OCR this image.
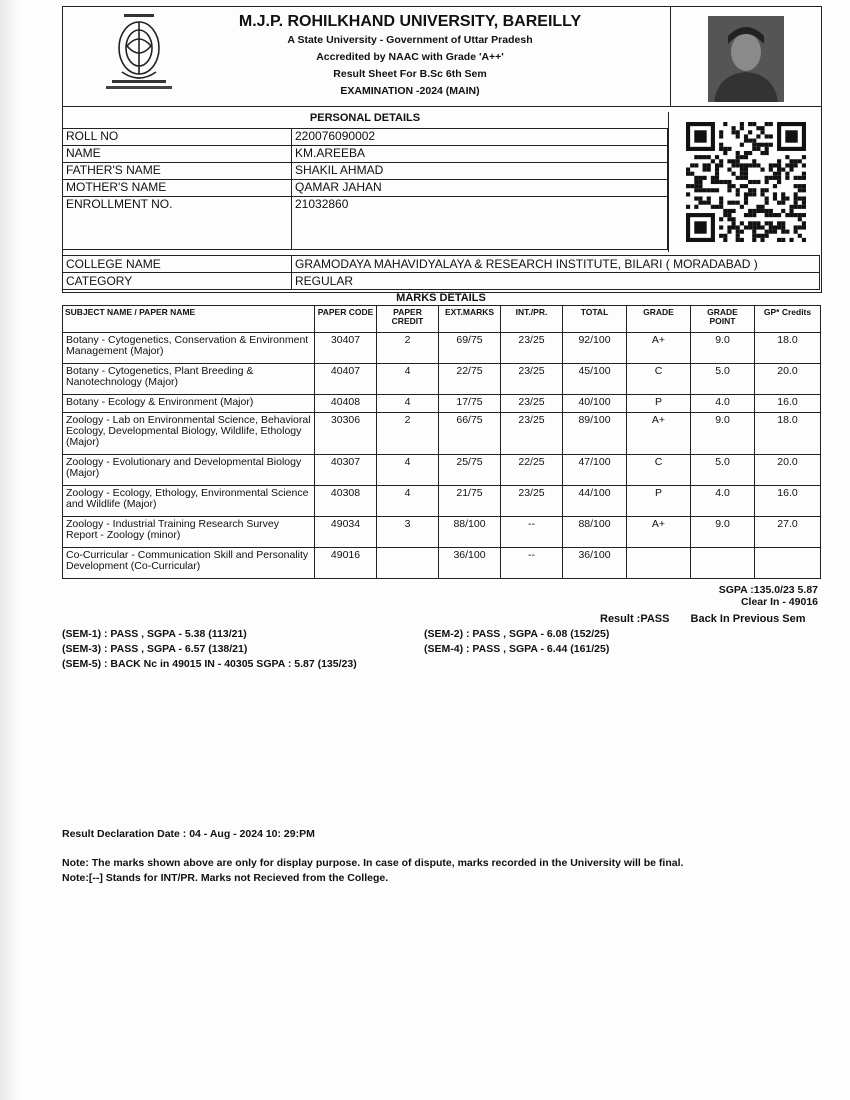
M.J.P. ROHILKHAND UNIVERSITY, BAREILLY
A State University - Government of Uttar Pradesh
Accredited by NAAC with Grade 'A++'
Result Sheet For B.Sc 6th Sem
EXAMINATION -2024 (MAIN)
PERSONAL DETAILS
ROLL NO	220076090002
NAME	KM.AREEBA
FATHER'S NAME	SHAKIL AHMAD
MOTHER'S NAME	QAMAR JAHAN
ENROLLMENT NO.	21032860
COLLEGE NAME	GRAMODAYA MAHAVIDYALAYA & RESEARCH INSTITUTE, BILARI ( MORADABAD )
CATEGORY	REGULAR
MARKS DETAILS
SUBJECT NAME / PAPER NAME	PAPER CODE	PAPER CREDIT	EXT.MARKS	INT./PR.	TOTAL	GRADE	GRADE POINT	GP* Credits
Botany - Cytogenetics, Conservation & Environment Management (Major)	30407	2	69/75	23/25	92/100	A+	9.0	18.0
Botany - Cytogenetics, Plant Breeding & Nanotechnology (Major)	40407	4	22/75	23/25	45/100	C	5.0	20.0
Botany - Ecology & Environment (Major)	40408	4	17/75	23/25	40/100	P	4.0	16.0
Zoology - Lab on Environmental Science, Behavioral Ecology, Developmental Biology, Wildlife, Ethology (Major)	30306	2	66/75	23/25	89/100	A+	9.0	18.0
Zoology - Evolutionary and Developmental Biology (Major)	40307	4	25/75	22/25	47/100	C	5.0	20.0
Zoology - Ecology, Ethology, Environmental Science and Wildlife (Major)	40308	4	21/75	23/25	44/100	P	4.0	16.0
Zoology - Industrial Training Research Survey Report - Zoology (minor)	49034	3	88/100	--	88/100	A+	9.0	27.0
Co-Curricular - Communication Skill and Personality Development (Co-Curricular)	49016		36/100	--	36/100			
SGPA :135.0/23 5.87
Clear In - 49016
Result :PASS Back In Previous Sem
(SEM-1) : PASS , SGPA - 5.38 (113/21)	(SEM-2) : PASS , SGPA - 6.08 (152/25)
(SEM-3) : PASS , SGPA - 6.57 (138/21)	(SEM-4) : PASS , SGPA - 6.44 (161/25)
(SEM-5) : BACK Nc in 49015 IN - 40305 SGPA : 5.87 (135/23)
Result Declaration Date : 04 - Aug - 2024 10: 29:PM
Note: The marks shown above are only for display purpose. In case of dispute, marks recorded in the University will be final.
Note:[--] Stands for INT/PR. Marks not Recieved from the College.
